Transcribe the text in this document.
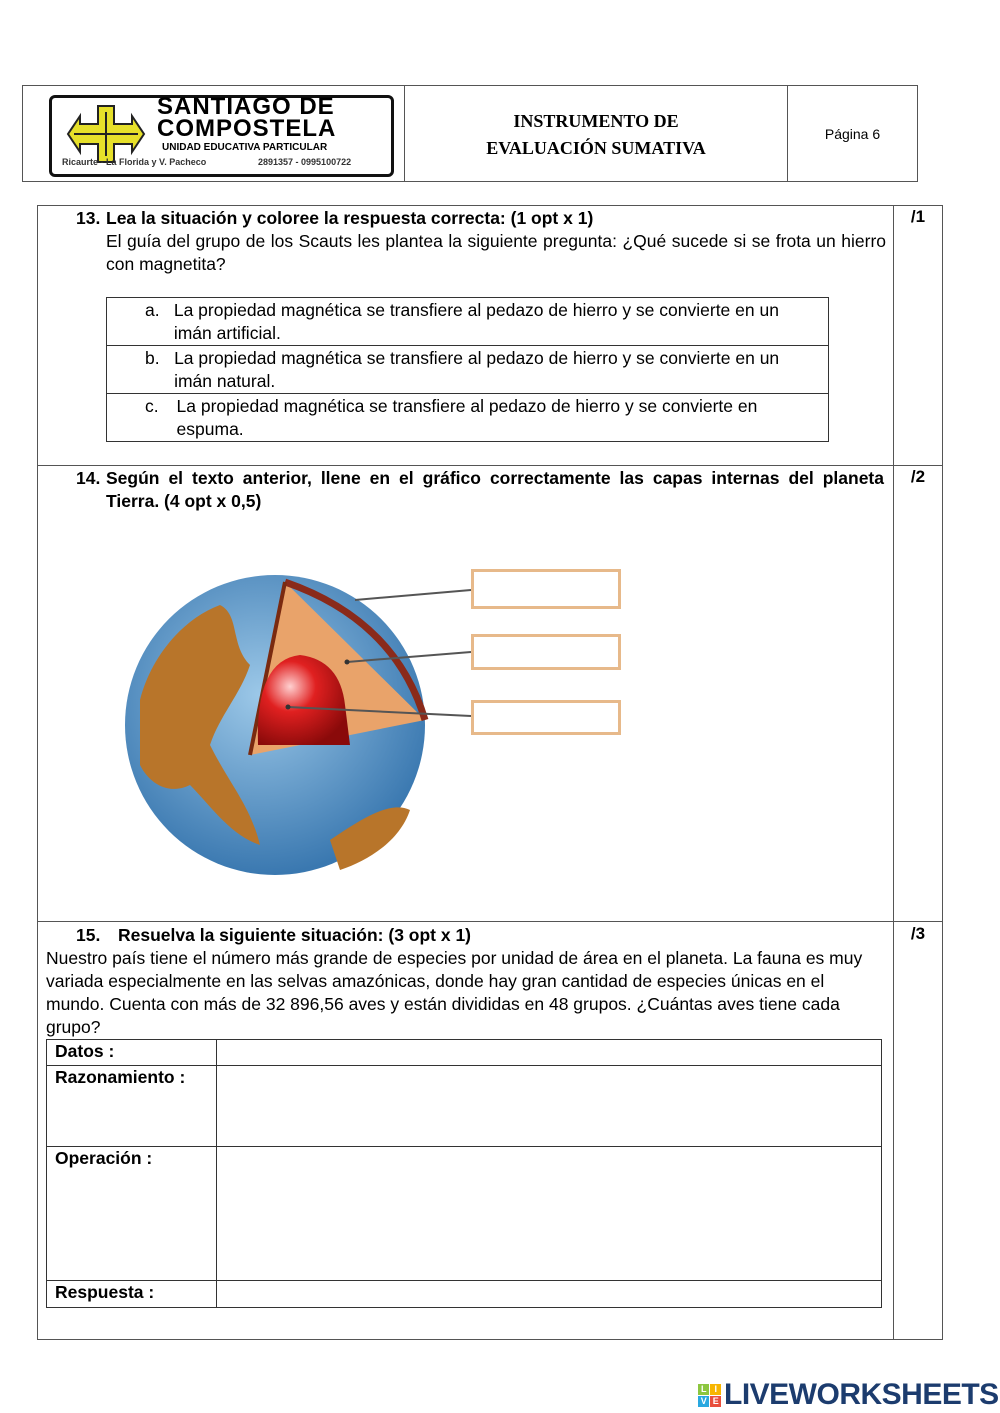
SANTIAGO DE
COMPOSTELA
UNIDAD EDUCATIVA PARTICULAR
Ricaurte - La Florida y V. Pacheco	2891357 - 0995100722
INSTRUMENTO DE
EVALUACIÓN SUMATIVA
Página 6
/1
13. Lea la situación y coloree la respuesta correcta: (1 opt x 1)
El guía del grupo de los Scauts les plantea la siguiente pregunta: ¿Qué sucede si se frota un hierro con magnetita?
a. La propiedad magnética se transfiere al pedazo de hierro y se convierte en un imán artificial.

b. La propiedad magnética se transfiere al pedazo de hierro y se convierte en un imán natural.

c.	La propiedad magnética se transfiere al pedazo de hierro y se convierte en espuma.
/2
14. Según el texto anterior, llene en el gráfico correctamente las capas internas del planeta Tierra. (4 opt x 0,5)
/3
15. Resuelva la siguiente situación: (3 opt x 1)
Nuestro país tiene el número más grande de especies por unidad de área en el planeta. La fauna es muy variada especialmente en las selvas amazónicas, donde hay gran cantidad de especies únicas en el mundo. Cuenta con más de 32 896,56 aves y están divididas en 48 grupos. ¿Cuántas aves tiene cada grupo?
Datos :	
Razonamiento :	
Operación :	
Respuesta :	
L I
V E LIVEWORKSHEETS
